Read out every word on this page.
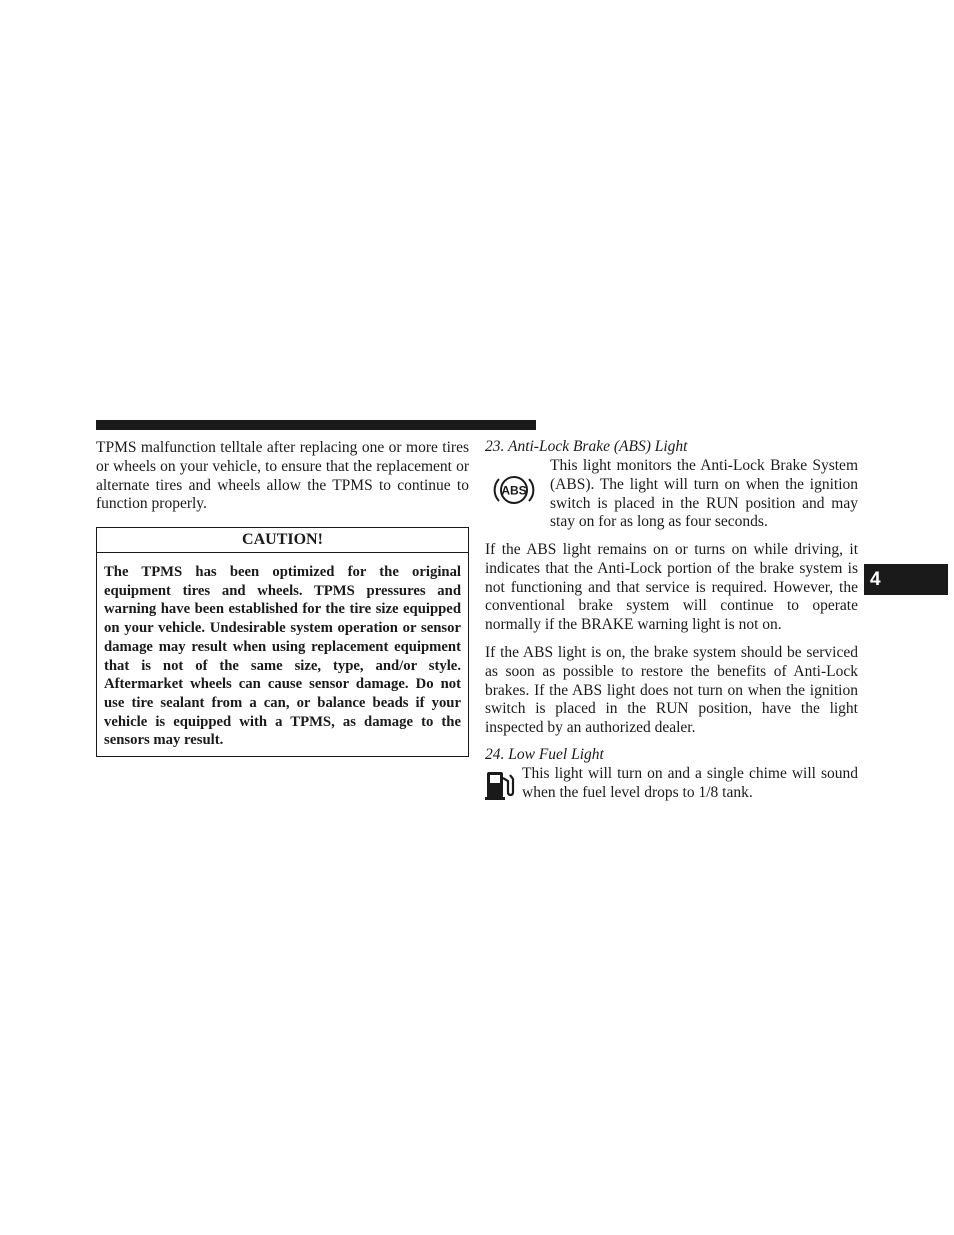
TPMS malfunction telltale after replacing one or more tires or wheels on your vehicle, to ensure that the replacement or alternate tires and wheels allow the TPMS to continue to function properly.

CAUTION!

The TPMS has been optimized for the original equipment tires and wheels. TPMS pressures and warning have been established for the tire size equipped on your vehicle. Undesirable system operation or sensor damage may result when using replacement equipment that is not of the same size, type, and/or style. Aftermarket wheels can cause sensor damage. Do not use tire sealant from a can, or balance beads if your vehicle is equipped with a TPMS, as damage to the sensors may result.

23. Anti-Lock Brake (ABS) Light

ABS

This light monitors the Anti-Lock Brake System (ABS). The light will turn on when the ignition switch is placed in the RUN position and may stay on for as long as four seconds.

If the ABS light remains on or turns on while driving, it indicates that the Anti-Lock portion of the brake system is not functioning and that service is required. However, the conventional brake system will continue to operate normally if the BRAKE warning light is not on.

If the ABS light is on, the brake system should be serviced as soon as possible to restore the benefits of Anti-Lock brakes. If the ABS light does not turn on when the ignition switch is placed in the RUN position, have the light inspected by an authorized dealer.

24. Low Fuel Light

This light will turn on and a single chime will sound when the fuel level drops to 1/8 tank.

4
